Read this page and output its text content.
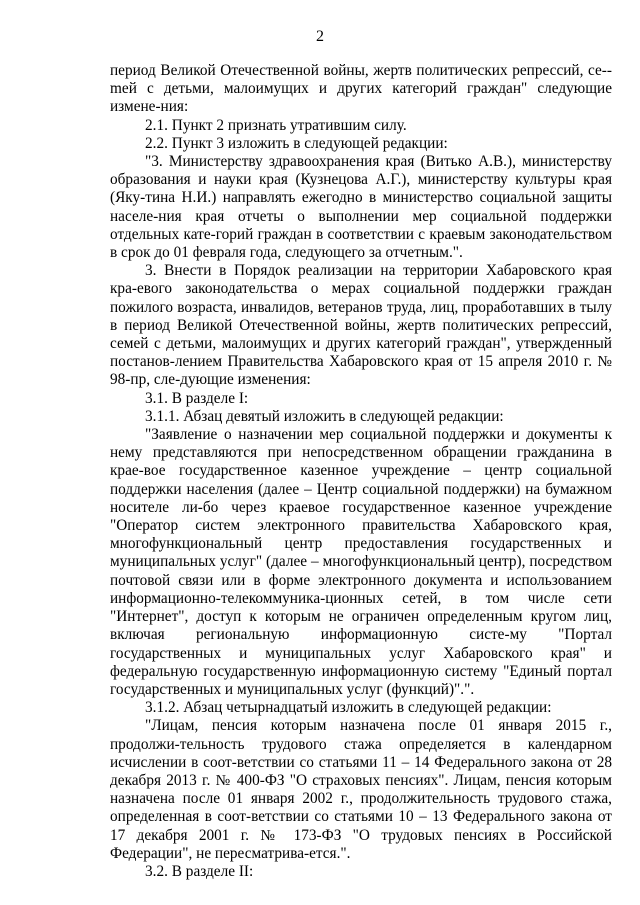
2

период Великой Отечественной войны, жертв политических репрессий, се-mей с детьми, малоимущих и других категорий граждан" следующие измене-ния:

2.1. Пункт 2 признать утратившим силу.

2.2. Пункт 3 изложить в следующей редакции:

"3. Министерству здравоохранения края (Витько А.В.), министерству образования и науки края (Кузнецова А.Г.), министерству культуры края (Яку-тина Н.И.) направлять ежегодно в министерство социальной защиты населе-ния края отчеты о выполнении мер социальной поддержки отдельных кате-горий граждан в соответствии с краевым законодательством в срок до 01 февраля года, следующего за отчетным.".

3. Внести в Порядок реализации на территории Хабаровского края кра-евого законодательства о мерах социальной поддержки граждан пожилого возраста, инвалидов, ветеранов труда, лиц, проработавших в тылу в период Великой Отечественной войны, жертв политических репрессий, семей с детьми, малоимущих и других категорий граждан", утвержденный постанов-лением Правительства Хабаровского края от 15 апреля 2010 г. № 98-пр, сле-дующие изменения:

3.1. В разделе I:

3.1.1. Абзац девятый изложить в следующей редакции:

"Заявление о назначении мер социальной поддержки и документы к нему представляются при непосредственном обращении гражданина в крае-вое государственное казенное учреждение – центр социальной поддержки населения (далее – Центр социальной поддержки) на бумажном носителе ли-бо через краевое государственное казенное учреждение "Оператор систем электронного правительства Хабаровского края, многофункциональный центр предоставления государственных и муниципальных услуг" (далее – многофункциональный центр), посредством почтовой связи или в форме электронного документа и использованием информационно-телекоммуника-ционных сетей, в том числе сети "Интернет", доступ к которым не ограничен определенным кругом лиц, включая региональную информационную систе-му "Портал государственных и муниципальных услуг Хабаровского края" и федеральную государственную информационную систему "Единый портал государственных и муниципальных услуг (функций)".".

3.1.2. Абзац четырнадцатый изложить в следующей редакции:

"Лицам, пенсия которым назначена после 01 января 2015 г., продолжи-тельность трудового стажа определяется в календарном исчислении в соот-ветствии со статьями 11 – 14 Федерального закона от 28 декабря 2013 г. № 400-ФЗ "О страховых пенсиях". Лицам, пенсия которым назначена после 01 января 2002 г., продолжительность трудового стажа, определенная в соот-ветствии со статьями 10 – 13 Федерального закона от 17 декабря 2001 г. № 173-ФЗ "О трудовых пенсиях в Российской Федерации", не пересматрива-ется.".

3.2. В разделе II:
